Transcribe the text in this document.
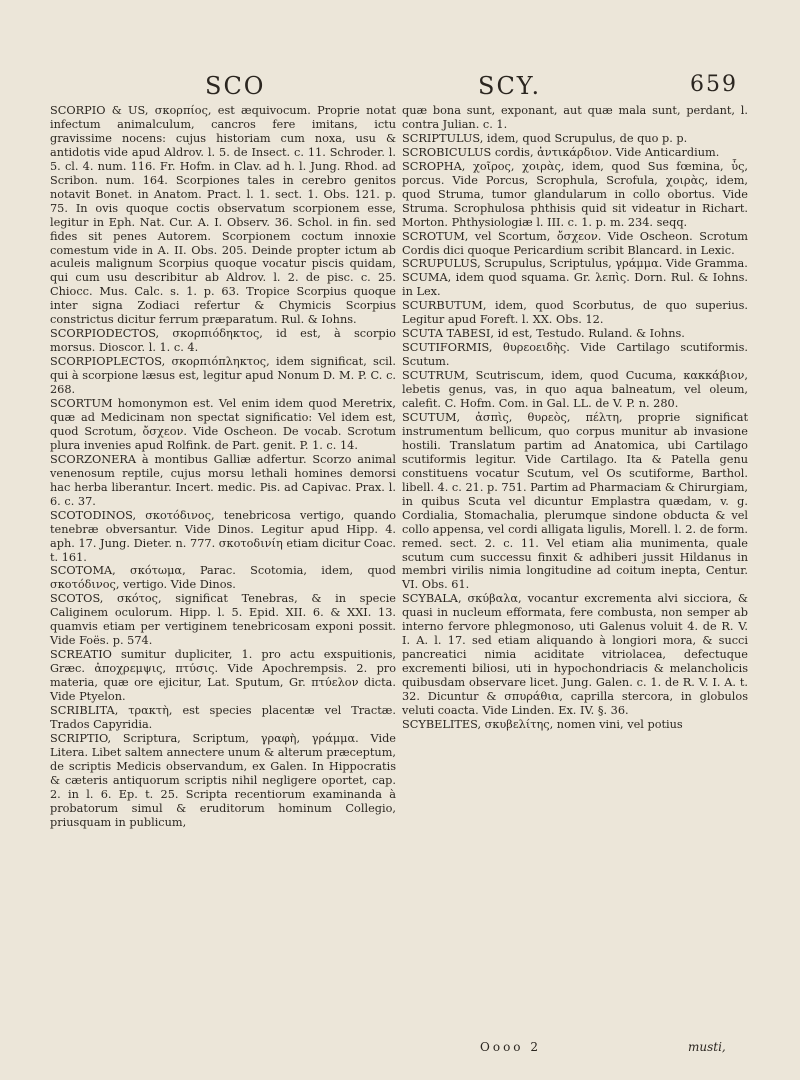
SCO	SCY.	659

SCORPIO & US, σκορπίος, est æquivocum. Proprie notat infectum animalculum, cancros fere imitans, ictu gravissime nocens: cujus historiam cum noxa, usu & antidotis vide apud Aldrov. l. 5. de Insect. c. 11. Schroder. l. 5. cl. 4. num. 116. Fr. Hofm. in Clav. ad h. l. Jung. Rhod. ad Scribon. num. 164. Scorpiones tales in cerebro genitos notavit Bonet. in Anatom. Pract. l. 1. sect. 1. Obs. 121. p. 75. In ovis quoque coctis observatum scorpionem esse, legitur in Eph. Nat. Cur. A. I. Observ. 36. Schol. in fin. sed fides sit penes Autorem. Scorpionem coctum innoxie comestum vide in A. II. Obs. 205. Deinde propter ictum ab aculeis malignum Scorpius quoque vocatur piscis quidam, qui cum usu describitur ab Aldrov. l. 2. de pisc. c. 25. Chiocc. Mus. Calc. s. 1. p. 63. Tropice Scorpius quoque inter signa Zodiaci refertur & Chymicis Scorpius constrictus dicitur ferrum præparatum. Rul. & Iohns.

SCORPIODECTOS, σκορπιόδηκτος, id est, à scorpio morsus. Dioscor. l. 1. c. 4.

SCORPIOPLECTOS, σκορπιόπληκτος, idem significat, scil. qui à scorpione læsus est, legitur apud Nonum D. M. P. C. c. 268.

SCORTUM homonymon est. Vel enim idem quod Meretrix, quæ ad Medicinam non spectat significatio: Vel idem est, quod Scrotum, ὄσχεον. Vide Oscheon. De vocab. Scrotum plura invenies apud Rolfink. de Part. genit. P. 1. c. 14.

SCORZONERA à montibus Galliæ adfertur. Scorzo animal venenosum reptile, cujus morsu lethali homines demorsi hac herba liberantur. Incert. medic. Pis. ad Capivac. Prax. l. 6. c. 37.

SCOTODINOS, σκοτόδινος, tenebricosa vertigo, quando tenebræ obversantur. Vide Dinos. Legitur apud Hipp. 4. aph. 17. Jung. Dieter. n. 777. σκοτοδινίη etiam dicitur Coac. t. 161.

SCOTOMA, σκότωμα, Parac. Scotomia, idem, quod σκοτόδινος, vertigo. Vide Dinos.

SCOTOS, σκότος, significat Tenebras, & in specie Caliginem oculorum. Hipp. l. 5. Epid. XII. 6. & XXI. 13. quamvis etiam per vertiginem tenebricosam exponi possit. Vide Foës. p. 574.

SCREATIO sumitur dupliciter, 1. pro actu exspuitionis, Græc. ἀποχρεμψις, πτύσις. Vide Apochrempsis. 2. pro materia, quæ ore ejicitur, Lat. Sputum, Gr. πτύελον dicta. Vide Ptyelon.

SCRIBLITA, τρακτὴ, est species placentæ vel Tractæ. Trados Capyridia.

SCRIPTIO, Scriptura, Scriptum, γραφὴ, γράμμα. Vide Litera. Libet saltem annectere unum & alterum præceptum, de scriptis Medicis observandum, ex Galen. In Hippocratis & cæteris antiquorum scriptis nihil negligere oportet, cap. 2. in l. 6. Ep. t. 25. Scripta recentiorum examinanda à probatorum simul & eruditorum hominum Collegio, priusquam in publicum,

quæ bona sunt, exponant, aut quæ mala sunt, perdant, l. contra Julian. c. 1.

SCRIPTULUS, idem, quod Scrupulus, de quo p. p.

SCROBICULUS cordis, ἀντικάρδιον. Vide Anticardium.

SCROPHA, χοῖρος, χοιρὰς, idem, quod Sus fœmina, ὗς, porcus. Vide Porcus, Scrophula, Scrofula, χοιρὰς, idem, quod Struma, tumor glandularum in collo obortus. Vide Struma. Scrophulosa phthisis quid sit videatur in Richart. Morton. Phthysiologiæ l. III. c. 1. p. m. 234. seqq.

SCROTUM, vel Scortum, ὄσχεον. Vide Oscheon. Scrotum Cordis dici quoque Pericardium scribit Blancard. in Lexic.

SCRUPULUS, Scrupulus, Scriptulus, γράμμα. Vide Gramma.

SCUMA, idem quod squama. Gr. λεπὶς. Dorn. Rul. & Iohns. in Lex.

SCURBUTUM, idem, quod Scorbutus, de quo superius. Legitur apud Foreft. l. XX. Obs. 12.

SCUTA TABESI, id est, Testudo. Ruland. & Iohns.

SCUTIFORMIS, θυρεοειδὴς. Vide Cartilago scutiformis. Scutum.

SCUTRUM, Scutriscum, idem, quod Cucuma, κακκάβιον, lebetis genus, vas, in quo aqua balneatum, vel oleum, calefit. C. Hofm. Com. in Gal. LL. de V. P. n. 280.

SCUTUM, ἀσπὶς, θυρεὸς, πέλτη, proprie significat instrumentum bellicum, quo corpus munitur ab invasione hostili. Translatum partim ad Anatomica, ubi Cartilago scutiformis legitur. Vide Cartilago. Ita & Patella genu constituens vocatur Scutum, vel Os scutiforme, Barthol. libell. 4. c. 21. p. 751. Partim ad Pharmaciam & Chirurgiam, in quibus Scuta vel dicuntur Emplastra quædam, v. g. Cordialia, Stomachalia, plerumque sindone obducta & vel collo appensa, vel cordi alligata ligulis, Morell. l. 2. de form. remed. sect. 2. c. 11. Vel etiam alia munimenta, quale scutum cum successu finxit & adhiberi jussit Hildanus in membri virilis nimia longitudine ad coitum inepta, Centur. VI. Obs. 61.

SCYBALA, σκύβαλα, vocantur excrementa alvi sicciora, & quasi in nucleum efformata, fere combusta, non semper ab interno fervore phlegmonoso, uti Galenus voluit 4. de R. V. I. A. l. 17. sed etiam aliquando à longiori mora, & succi pancreatici nimia aciditate vitriolacea, defectuque excrementi biliosi, uti in hypochondriacis & melancholicis quibusdam observare licet. Jung. Galen. c. 1. de R. V. I. A. t. 32. Dicuntur & σπυράθια, caprilla stercora, in globulos veluti coacta. Vide Linden. Ex. IV. §. 36.

SCYBELITES, σκυβελίτης, nomen vini, vel potius

Oooo 2	musti,
